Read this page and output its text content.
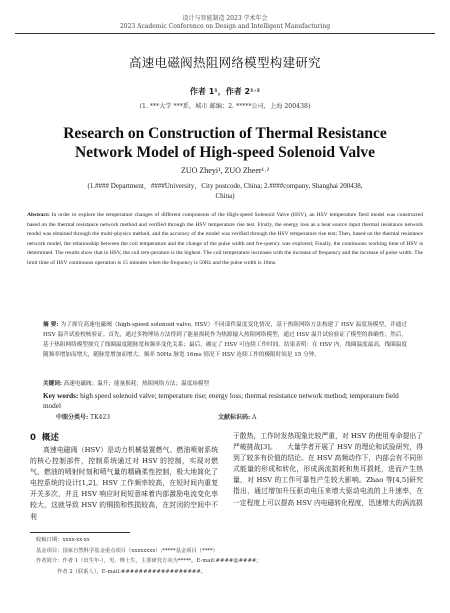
设计与智能制造 2023 学术年会
2023 Academic Conference on Design and Intelligent Manufacturing
高速电磁阀热阻网络模型构建研究
作者 1¹，作者 2¹˒²
(1. ***大学 ***系，城市 邮编；2. *****公司，上海 200438)
Research on Construction of Thermal Resistance
Network Model of High-speed Solenoid Valve
ZUO Zheyi¹, ZUO Zheer¹˒²
(1.#### Department，####University，City postcode, China; 2.####company, Shanghai 200438,
China)
Abstract: In order to explore the temperature changes of different components of the High-speed Solenoid Valve (HSV), an HSV temperature field model was constructed based on the thermal resistance network method and verified through the HSV temperature rise test. Firstly, the energy loss as a heat source input thermal resistance network model was obtained through the multi-physics method, and the accuracy of the model was verified through the HSV temperature rise test; Then, based on the thermal resistance network model, the relationship between the coil temperature and the change of the pulse width and fre-quency was explored; Finally, the continuous working time of HSV is determined. The results show that in HSV, the coil tem-perature is the highest. The coil temperature increases with the increase of frequency and the increase of pulse width. The limit time of HSV continuous operation is 15 minutes when the frequency is 50Hz and the pulse width is 16ms.
摘 要: 为了探究高速电磁阀（high-speed solenoid valve, HSV）不同部件温度变化情况，基于热阻网络方法构建了 HSV 温度场模型，并通过 HSV 温升试验校核验证。首先，通过多物理场方法得到了能量损耗作为热源输入热阻网络模型，通过 HSV 温升试验验证了模型的准确性；然后，基于热阻网络模型探究了线圈温度随脉宽和频率变化关系；最后，确定了 HSV 可连续工作时间。结果表明：在 HSV 内，线圈温度最高，线圈温度随频率增加而增大，随脉宽增加而增大，频率 50Hz 脉宽 16ms 情况下 HSV 连续工作的极限时间是 15 分钟。
关键词: 高速电磁阀；温升；能量损耗；热阻网络方法；温度场模型
Key words: high speed solenoid valve; temperature rise; energy loss; thermal resistance network method; temperature field model
中图分类号: TK423	文献标识码: A
0 概述
高速电磁阀（HSV）是动力机械装置燃气、燃油喷射系统的核心控制部件，控制系统通过对 HSV 的控制，实现对燃气、燃油的喷射时刻和喷气量的精确柔性控制，极大地简化了电控系统的设计[1,2]。HSV 工作频率较高，在短时间内重复开关多次，并且 HSV 响应时间短意味着内部激励电流变化率较大，这就导致 HSV 的铜损和铁损较高，在封闭的空间中不利
于散热，工作时发热现象比较严重，对 HSV 的使用寿命提出了严峻挑战[3]。　　大量学者开展了 HSV 的理论和试验研究，得到了较多有价值的结论。在 HSV 高频动作下，内部会有不同形式能量的形成和转化，形成涡流损耗和焦耳损耗，进而产生热量，对 HSV 的工作可靠性产生较大影响。Zhao 等[4,5]研究指出，通过增加升压驱动电压来增大驱动电流的上升速率，在一定程度上可以提高 HSV 内电磁转化程度，迅速增大的涡流损
收稿日期：xxxx-xx-xx
基金项目：国家自然科学基金重点项目（xxxxxxxx）;*****基金项目（****）
作者简介：作者 1（出生年-），男，博士生，主要研究方向为*****。E-mail:####@####;
作者 2（联系人），E-mail:##################。
